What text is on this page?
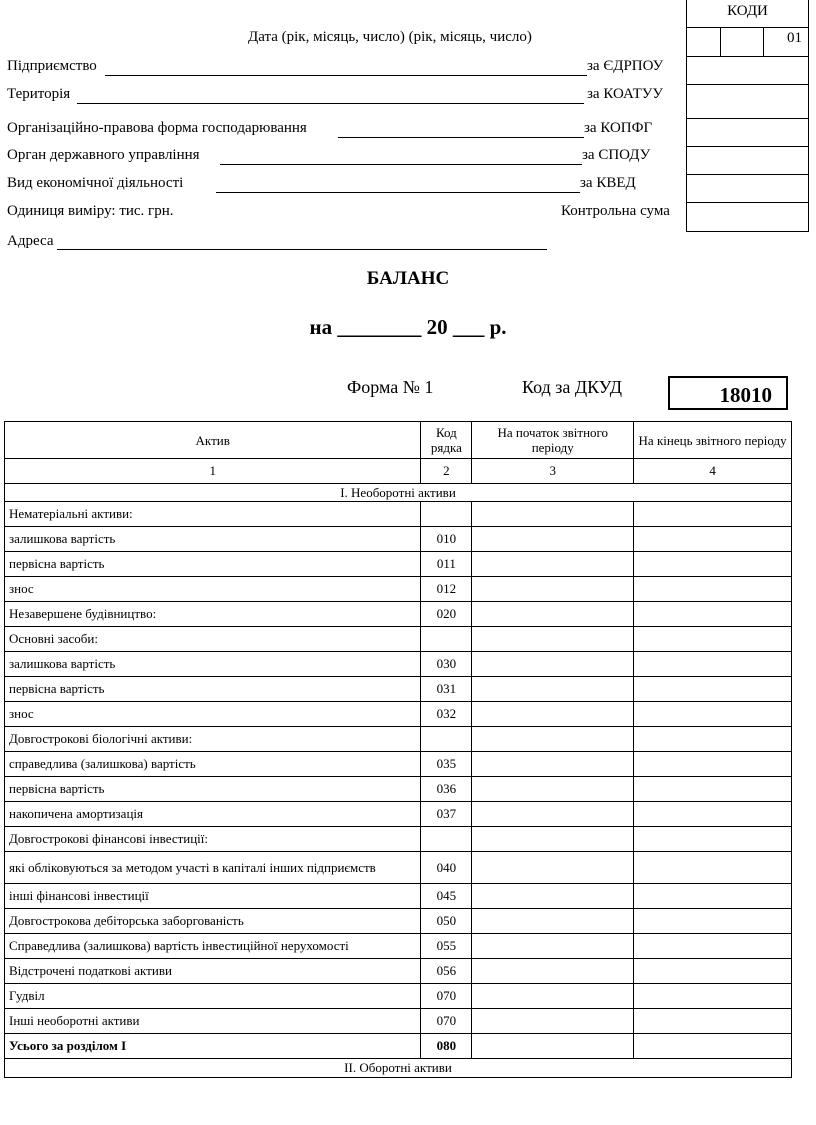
КОДИ
01
Дата (рік, місяць, число) (рік, місяць, число)
Підприємство	за ЄДРПОУ
Територія	за КОАТУУ
Організаційно-правова форма господарювання	за КОПФГ
Орган державного управління	за СПОДУ
Вид економічної діяльності	за КВЕД
Одиниця виміру: тис. грн.	Контрольна сума
Адреса
БАЛАНС
на ________ 20 ___ р.
Форма № 1	Код за ДКУД	18010
Актив	Код рядка	На початок звітного періоду	На кінець звітного періоду
1	2	3	4
І. Необоротні активи			
Нематеріальні активи:			
залишкова вартість	010		
первісна вартість	011		
знос	012		
Незавершене будівництво:	020		
Основні засоби:			
залишкова вартість	030		
первісна вартість	031		
знос	032		
Довгострокові біологічні активи:			
справедлива (залишкова) вартість	035		
первісна вартість	036		
накопичена амортизація	037		
Довгострокові фінансові інвестиції:			
які обліковуються за методом участі в капіталі інших підприємств	040		
інші фінансові інвестиції	045		
Довгострокова дебіторська заборгованість	050		
Справедлива (залишкова) вартість інвестиційної нерухомості	055		
Відстрочені податкові активи	056		
Гудвіл	070		
Інші необоротні активи	070		
Усього за розділом I	080		
ІІ. Оборотні активи			
